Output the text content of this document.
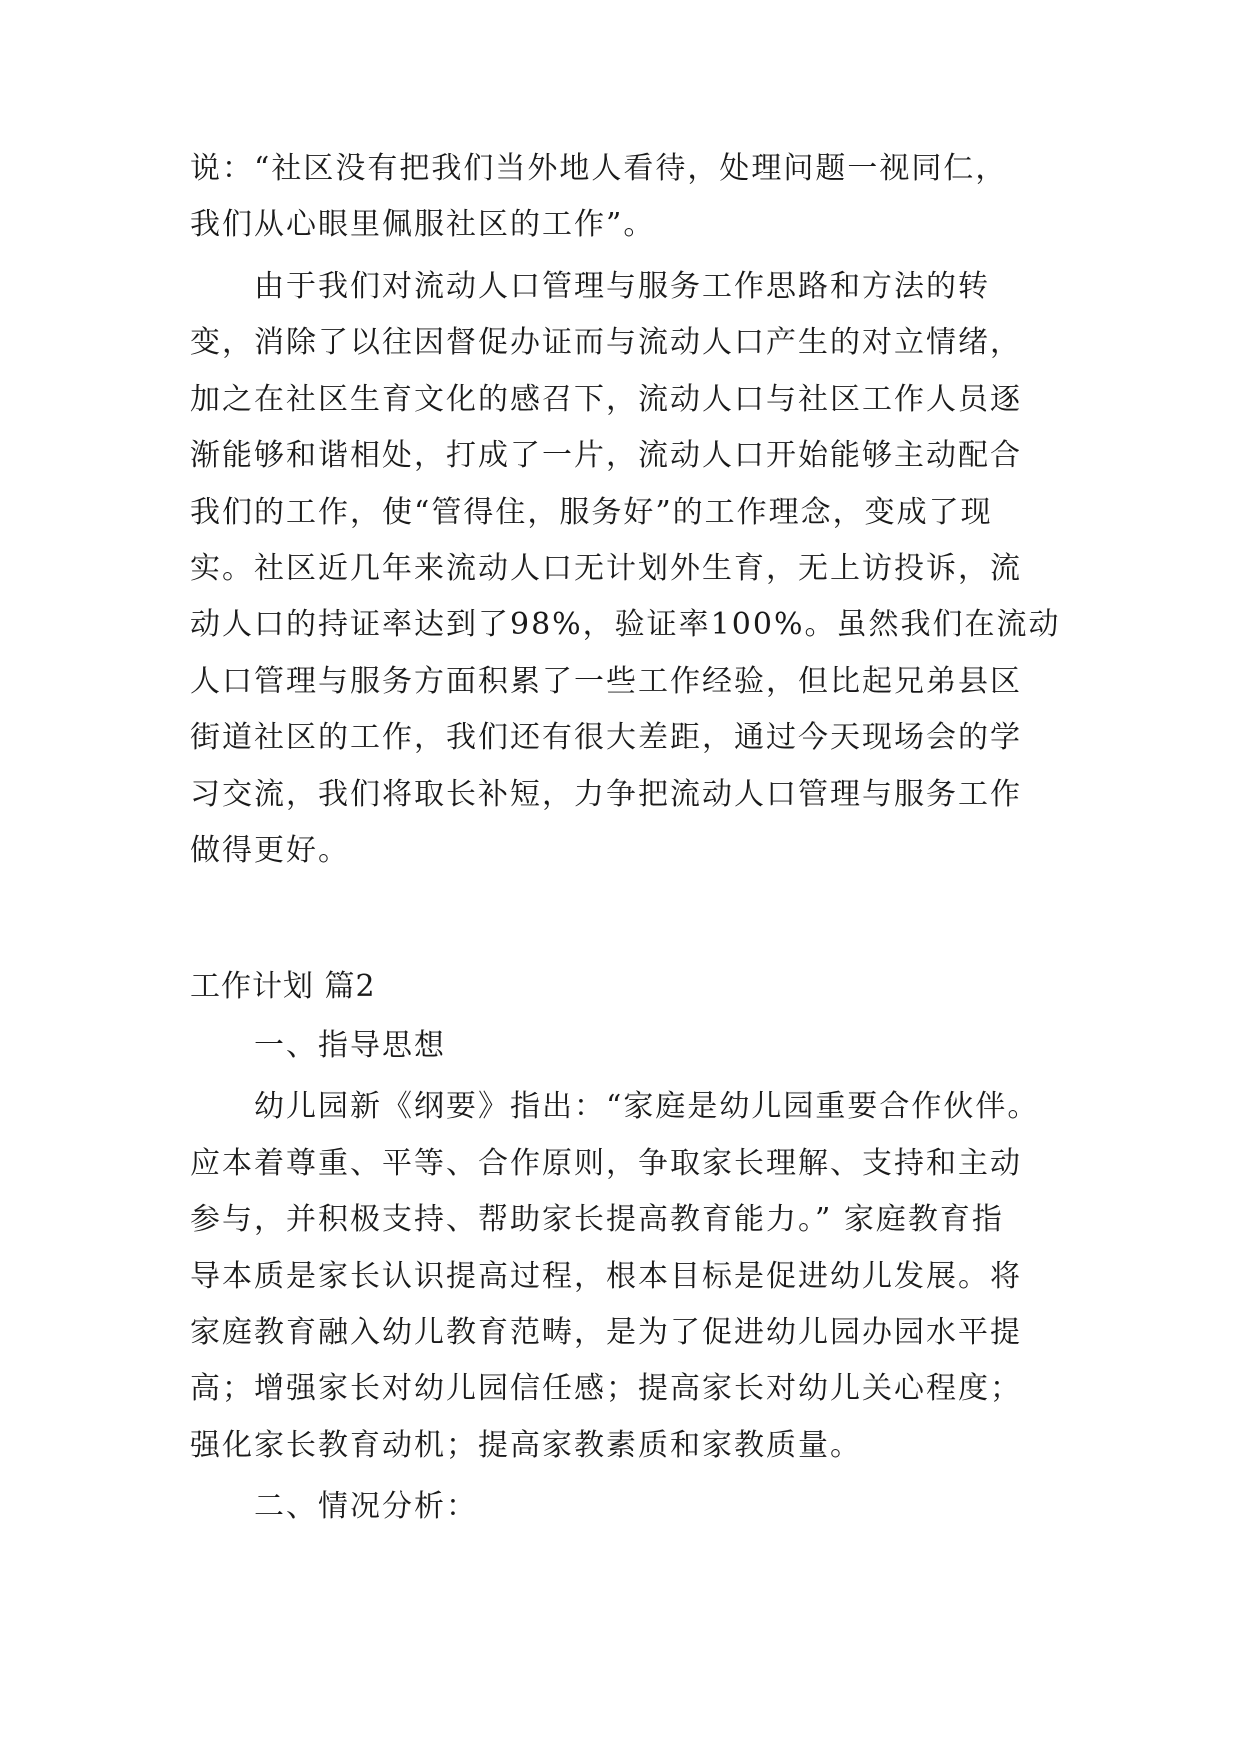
说：“社区没有把我们当外地人看待，处理问题一视同仁，
我们从心眼里佩服社区的工作”。
由于我们对流动人口管理与服务工作思路和方法的转
变，消除了以往因督促办证而与流动人口产生的对立情绪，
加之在社区生育文化的感召下，流动人口与社区工作人员逐
渐能够和谐相处，打成了一片，流动人口开始能够主动配合
我们的工作，使“管得住，服务好”的工作理念，变成了现
实。社区近几年来流动人口无计划外生育，无上访投诉，流
动人口的持证率达到了98%，验证率100%。虽然我们在流动
人口管理与服务方面积累了一些工作经验，但比起兄弟县区
街道社区的工作，我们还有很大差距，通过今天现场会的学
习交流，我们将取长补短，力争把流动人口管理与服务工作
做得更好。
工作计划 篇2
一、指导思想
幼儿园新《纲要》指出：“家庭是幼儿园重要合作伙伴。
应本着尊重、平等、合作原则，争取家长理解、支持和主动
参与，并积极支持、帮助家长提高教育能力。” 家庭教育指
导本质是家长认识提高过程，根本目标是促进幼儿发展。将
家庭教育融入幼儿教育范畴，是为了促进幼儿园办园水平提
高；增强家长对幼儿园信任感；提高家长对幼儿关心程度；
强化家长教育动机；提高家教素质和家教质量。
二、情况分析：
